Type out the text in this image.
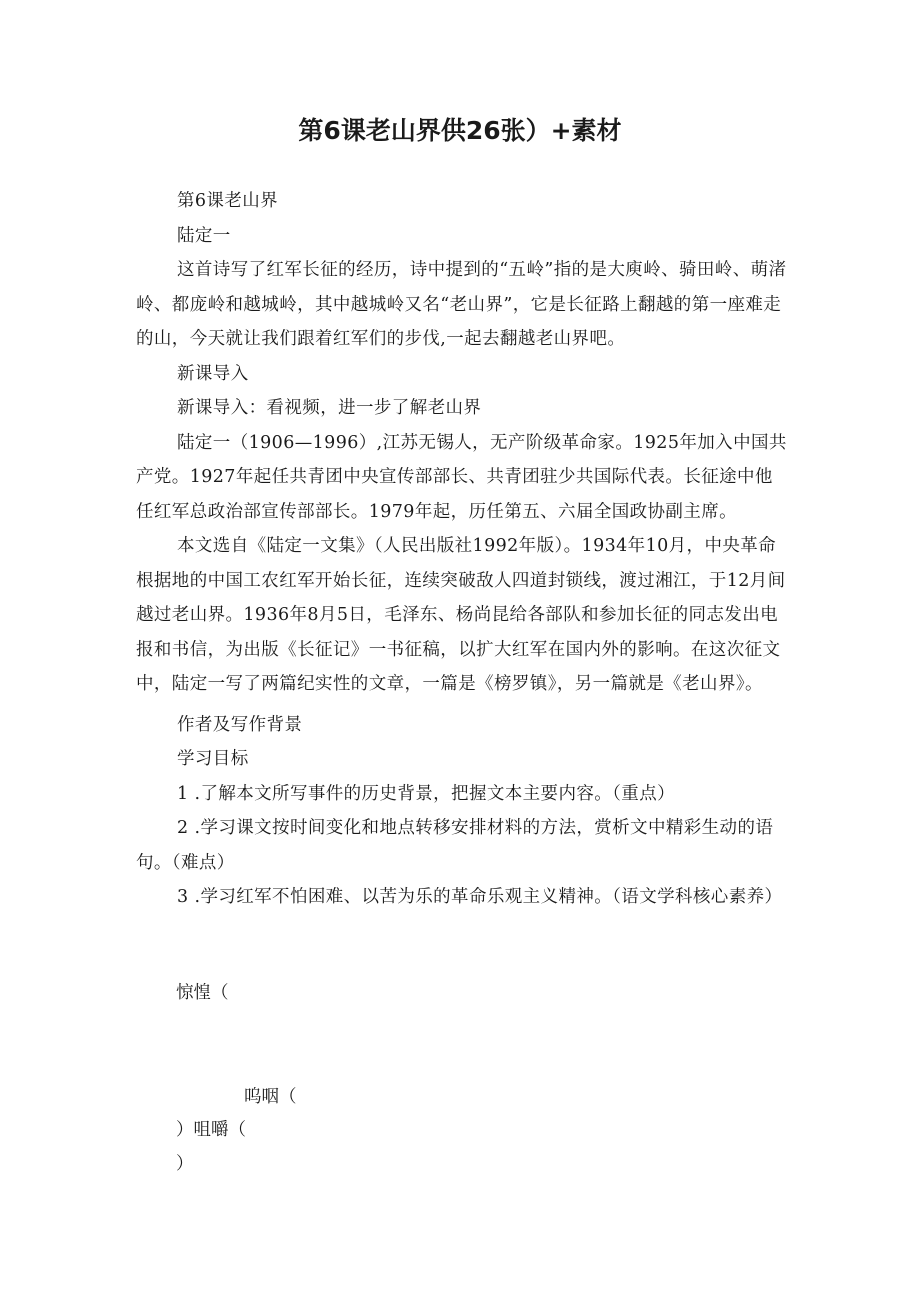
第6课老山界供26张）+素材

第6课老山界

陆定一

这首诗写了红军长征的经历，诗中提到的“五岭”指的是大庾岭、骑田岭、萌渚岭、都庞岭和越城岭，其中越城岭又名“老山界”，它是长征路上翻越的第一座难走的山，今天就让我们跟着红军们的步伐,一起去翻越老山界吧。

新课导入

新课导入：看视频，进一步了解老山界

陆定一（1906—1996）,江苏无锡人，无产阶级革命家。1925年加入中国共产党。1927年起任共青团中央宣传部部长、共青团驻少共国际代表。长征途中他任红军总政治部宣传部部长。1979年起，历任第五、六届全国政协副主席。

本文选自《陆定一文集》（人民出版社1992年版）。1934年10月，中央革命根据地的中国工农红军开始长征，连续突破敌人四道封锁线，渡过湘江，于12月间越过老山界。1936年8月5日，毛泽东、杨尚昆给各部队和参加长征的同志发出电报和书信，为出版《长征记》一书征稿，以扩大红军在国内外的影响。在这次征文中，陆定一写了两篇纪实性的文章，一篇是《榜罗镇》，另一篇就是《老山界》。

作者及写作背景

学习目标

1 .了解本文所写事件的历史背景，把握文本主要内容。（重点）

2 .学习课文按时间变化和地点转移安排材料的方法，赏析文中精彩生动的语句。（难点）

3 .学习红军不怕困难、以苦为乐的革命乐观主义精神。（语文学科核心素养）

惊惶（
呜咽（
）咀嚼（
）
